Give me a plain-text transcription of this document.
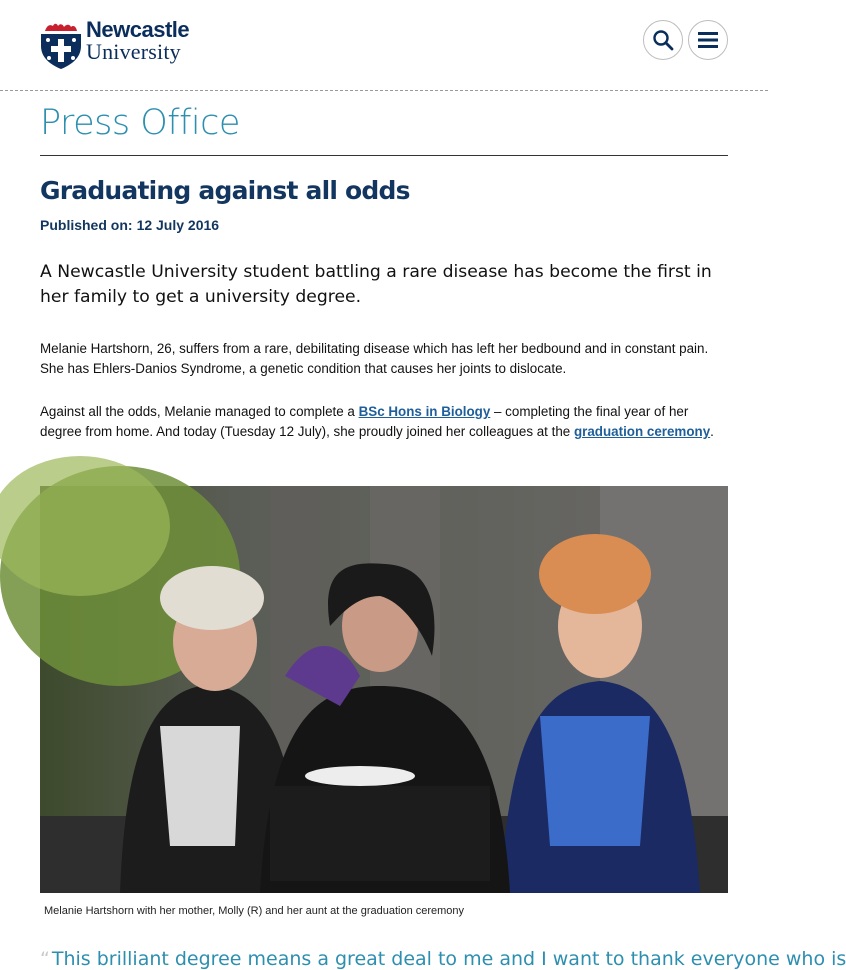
Newcastle
University
Press Office
Graduating against all odds
Published on: 12 July 2016

A Newcastle University student battling a rare disease has become the first in her family to get a university degree.

Melanie Hartshorn, 26, suffers from a rare, debilitating disease which has left her bedbound and in constant pain. She has Ehlers-Danios Syndrome, a genetic condition that causes her joints to dislocate.

Against all the odds, Melanie managed to complete a BSc Hons in Biology – completing the final year of her degree from home. And today (Tuesday 12 July), she proudly joined her colleagues at the graduation ceremony.

Melanie Hartshorn with her mother, Molly (R) and her aunt at the graduation ceremony
“ This brilliant degree means a great deal to me and I want to thank everyone who is
